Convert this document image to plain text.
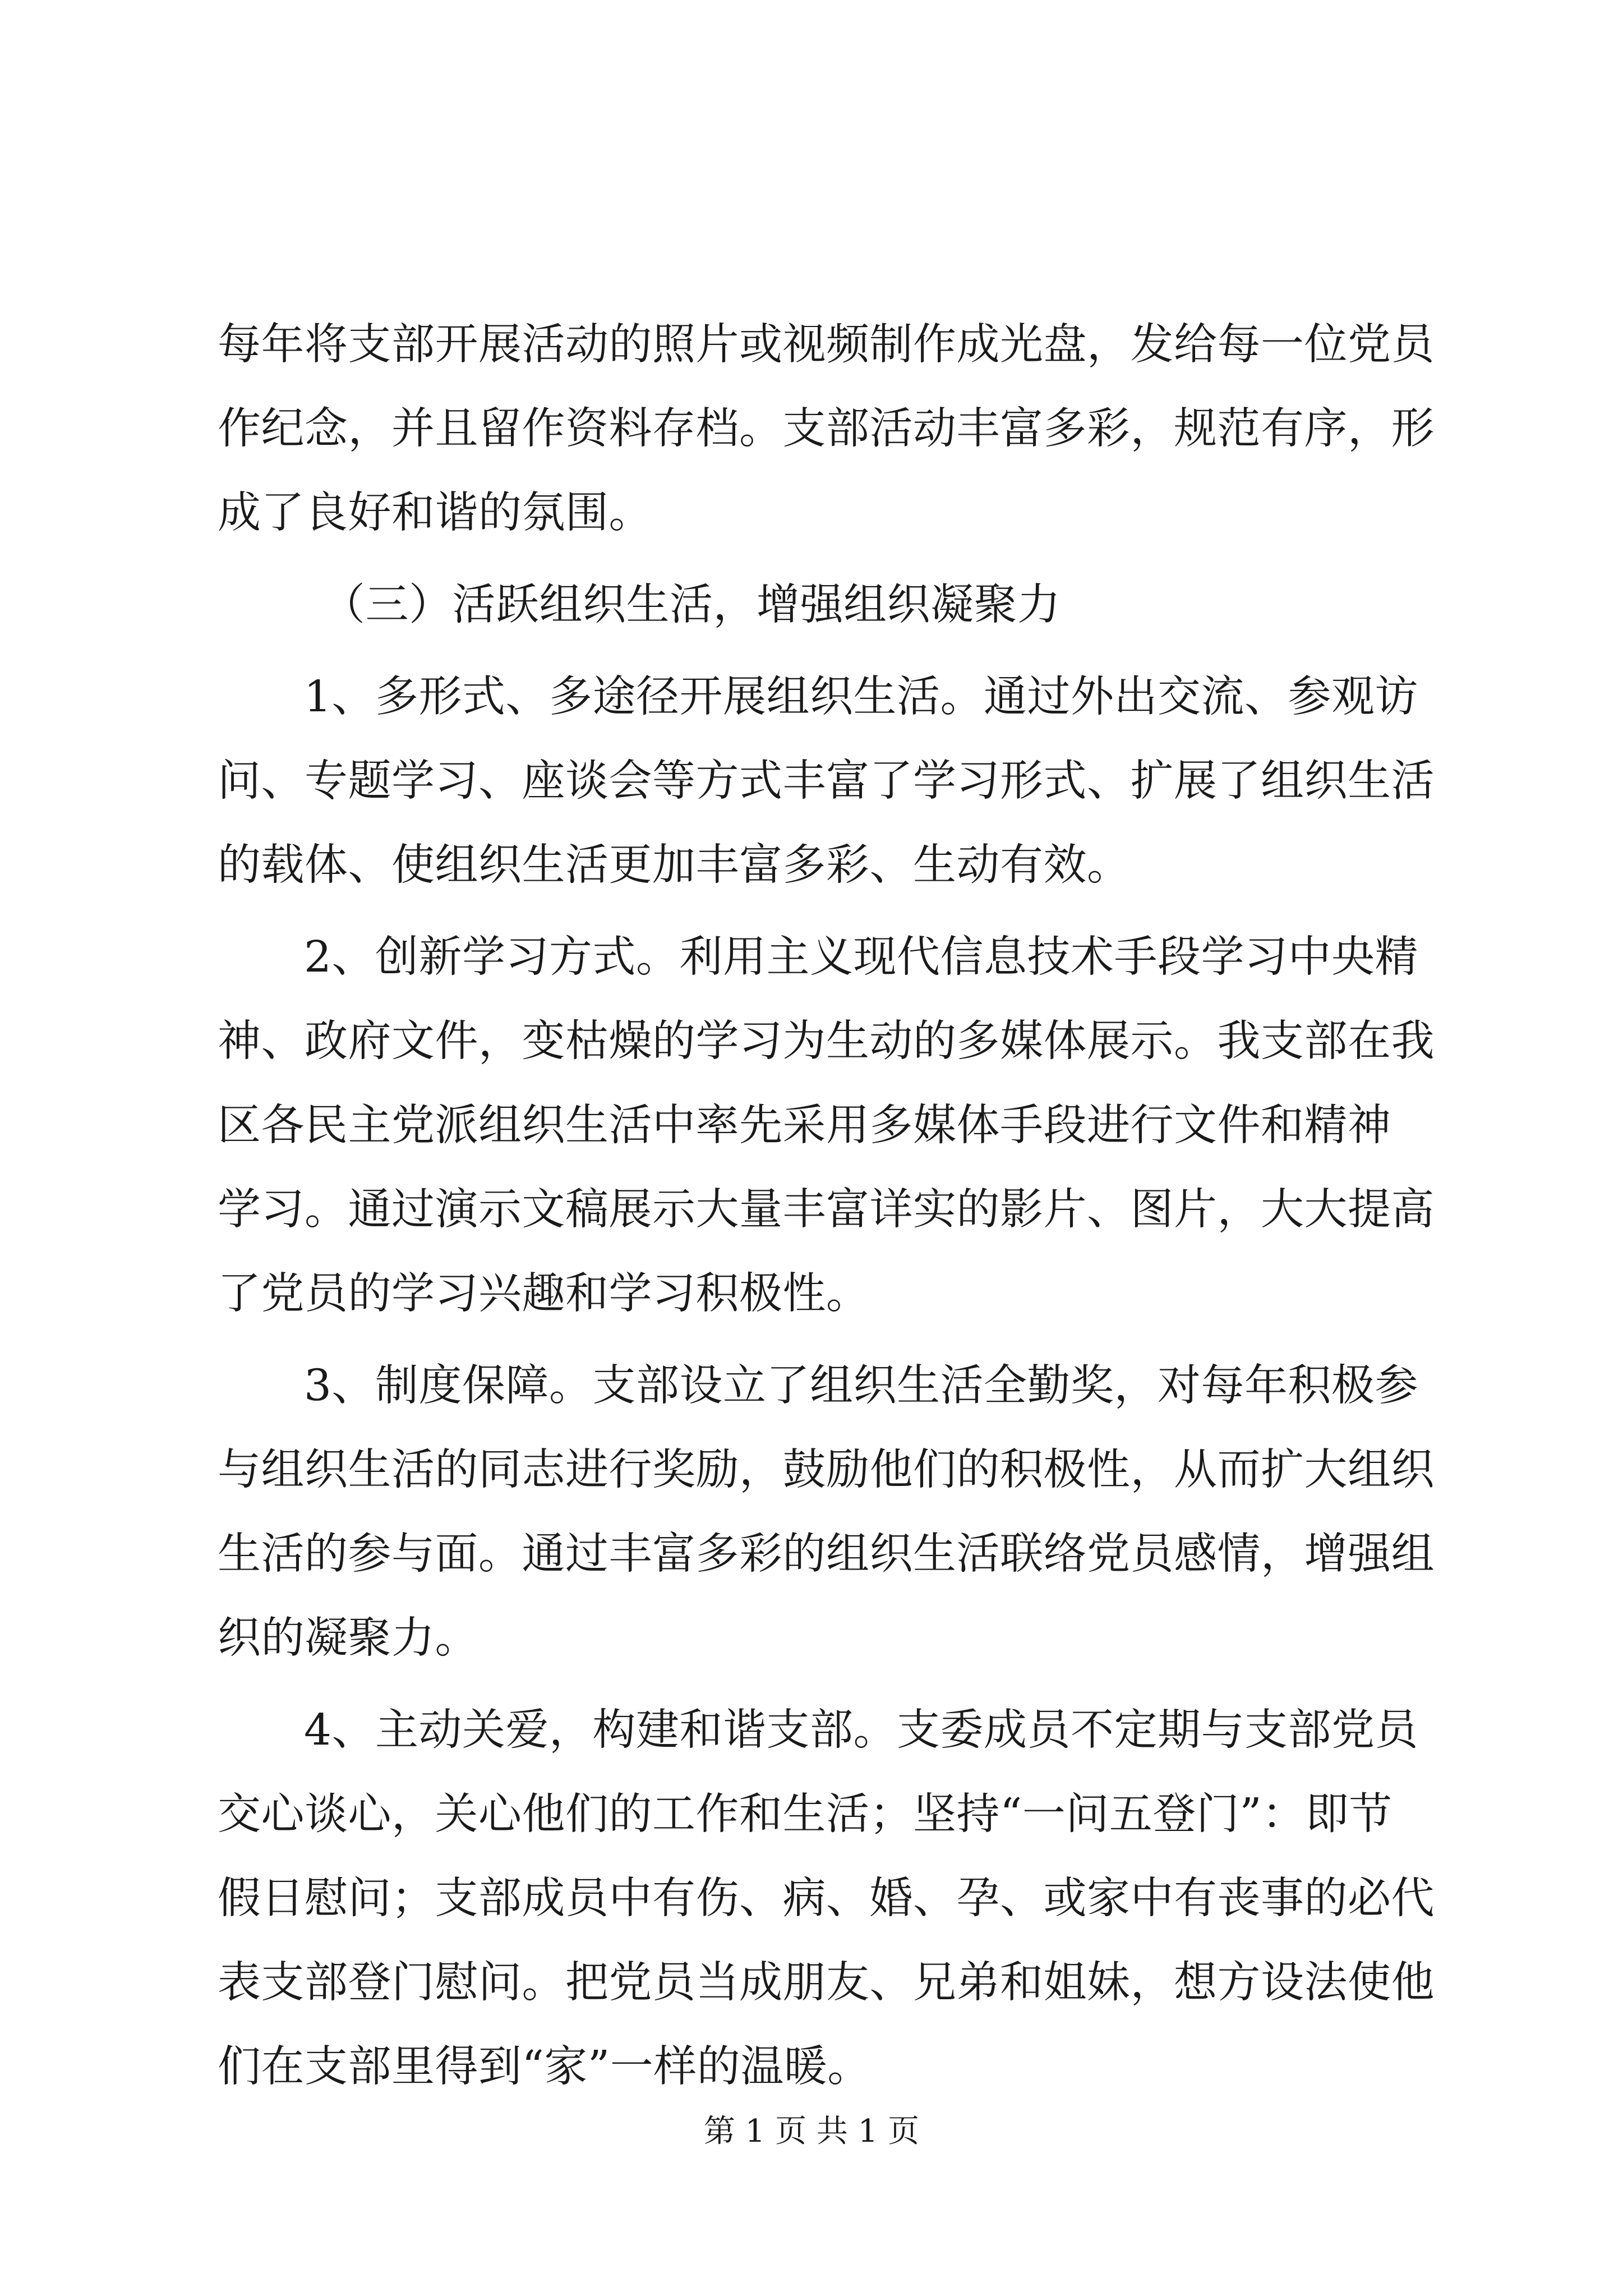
每年将支部开展活动的照片或视频制作成光盘，发给每一位党员
作纪念，并且留作资料存档。支部活动丰富多彩，规范有序，形
成了良好和谐的氛围。
（三）活跃组织生活，增强组织凝聚力
1、多形式、多途径开展组织生活。通过外出交流、参观访
问、专题学习、座谈会等方式丰富了学习形式、扩展了组织生活
的载体、使组织生活更加丰富多彩、生动有效。
2、创新学习方式。利用主义现代信息技术手段学习中央精
神、政府文件，变枯燥的学习为生动的多媒体展示。我支部在我
区各民主党派组织生活中率先采用多媒体手段进行文件和精神
学习。通过演示文稿展示大量丰富详实的影片、图片，大大提高
了党员的学习兴趣和学习积极性。
3、制度保障。支部设立了组织生活全勤奖，对每年积极参
与组织生活的同志进行奖励，鼓励他们的积极性，从而扩大组织
生活的参与面。通过丰富多彩的组织生活联络党员感情，增强组
织的凝聚力。
4、主动关爱，构建和谐支部。支委成员不定期与支部党员
交心谈心，关心他们的工作和生活；坚持“一问五登门”：即节
假日慰问；支部成员中有伤、病、婚、孕、或家中有丧事的必代
表支部登门慰问。把党员当成朋友、兄弟和姐妹，想方设法使他
们在支部里得到“家”一样的温暖。
第 1 页 共 1 页
